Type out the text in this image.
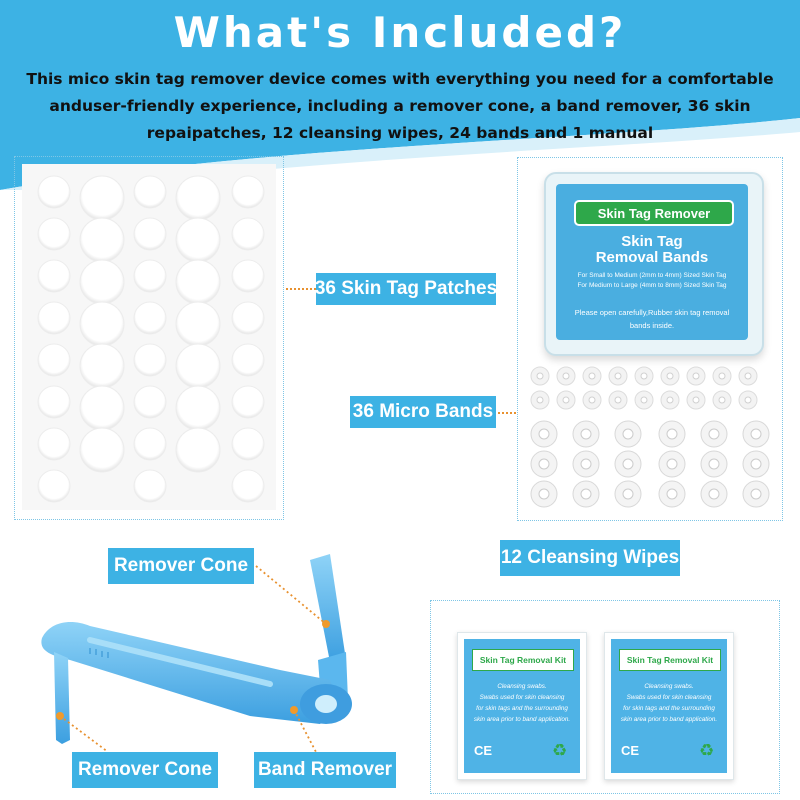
What's Included?
This mico skin tag remover device comes with everything you need for a comfortable
anduser-friendly experience, including a remover cone, a band remover, 36 skin
repaipatches, 12 cleansing wipes, 24 bands and 1 manual
36 Skin Tag Patches
Skin Tag Remover
Skin Tag
Removal Bands
For Small to Medium (2mm to 4mm) Sized Skin Tag
For Medium to Large (4mm to 8mm) Sized Skin Tag
Please open carefully,Rubber skin tag removal bands inside.
36 Micro Bands
Remover Cone
Remover Cone	Band Remover
12 Cleansing Wipes
Skin Tag Removal Kit
Cleansing swabs.
Swabs used for skin cleansing
for skin tags and the surrounding
skin area prior to band application.
CE	♻
Skin Tag Removal Kit
Cleansing swabs.
Swabs used for skin cleansing
for skin tags and the surrounding
skin area prior to band application.
CE	♻
